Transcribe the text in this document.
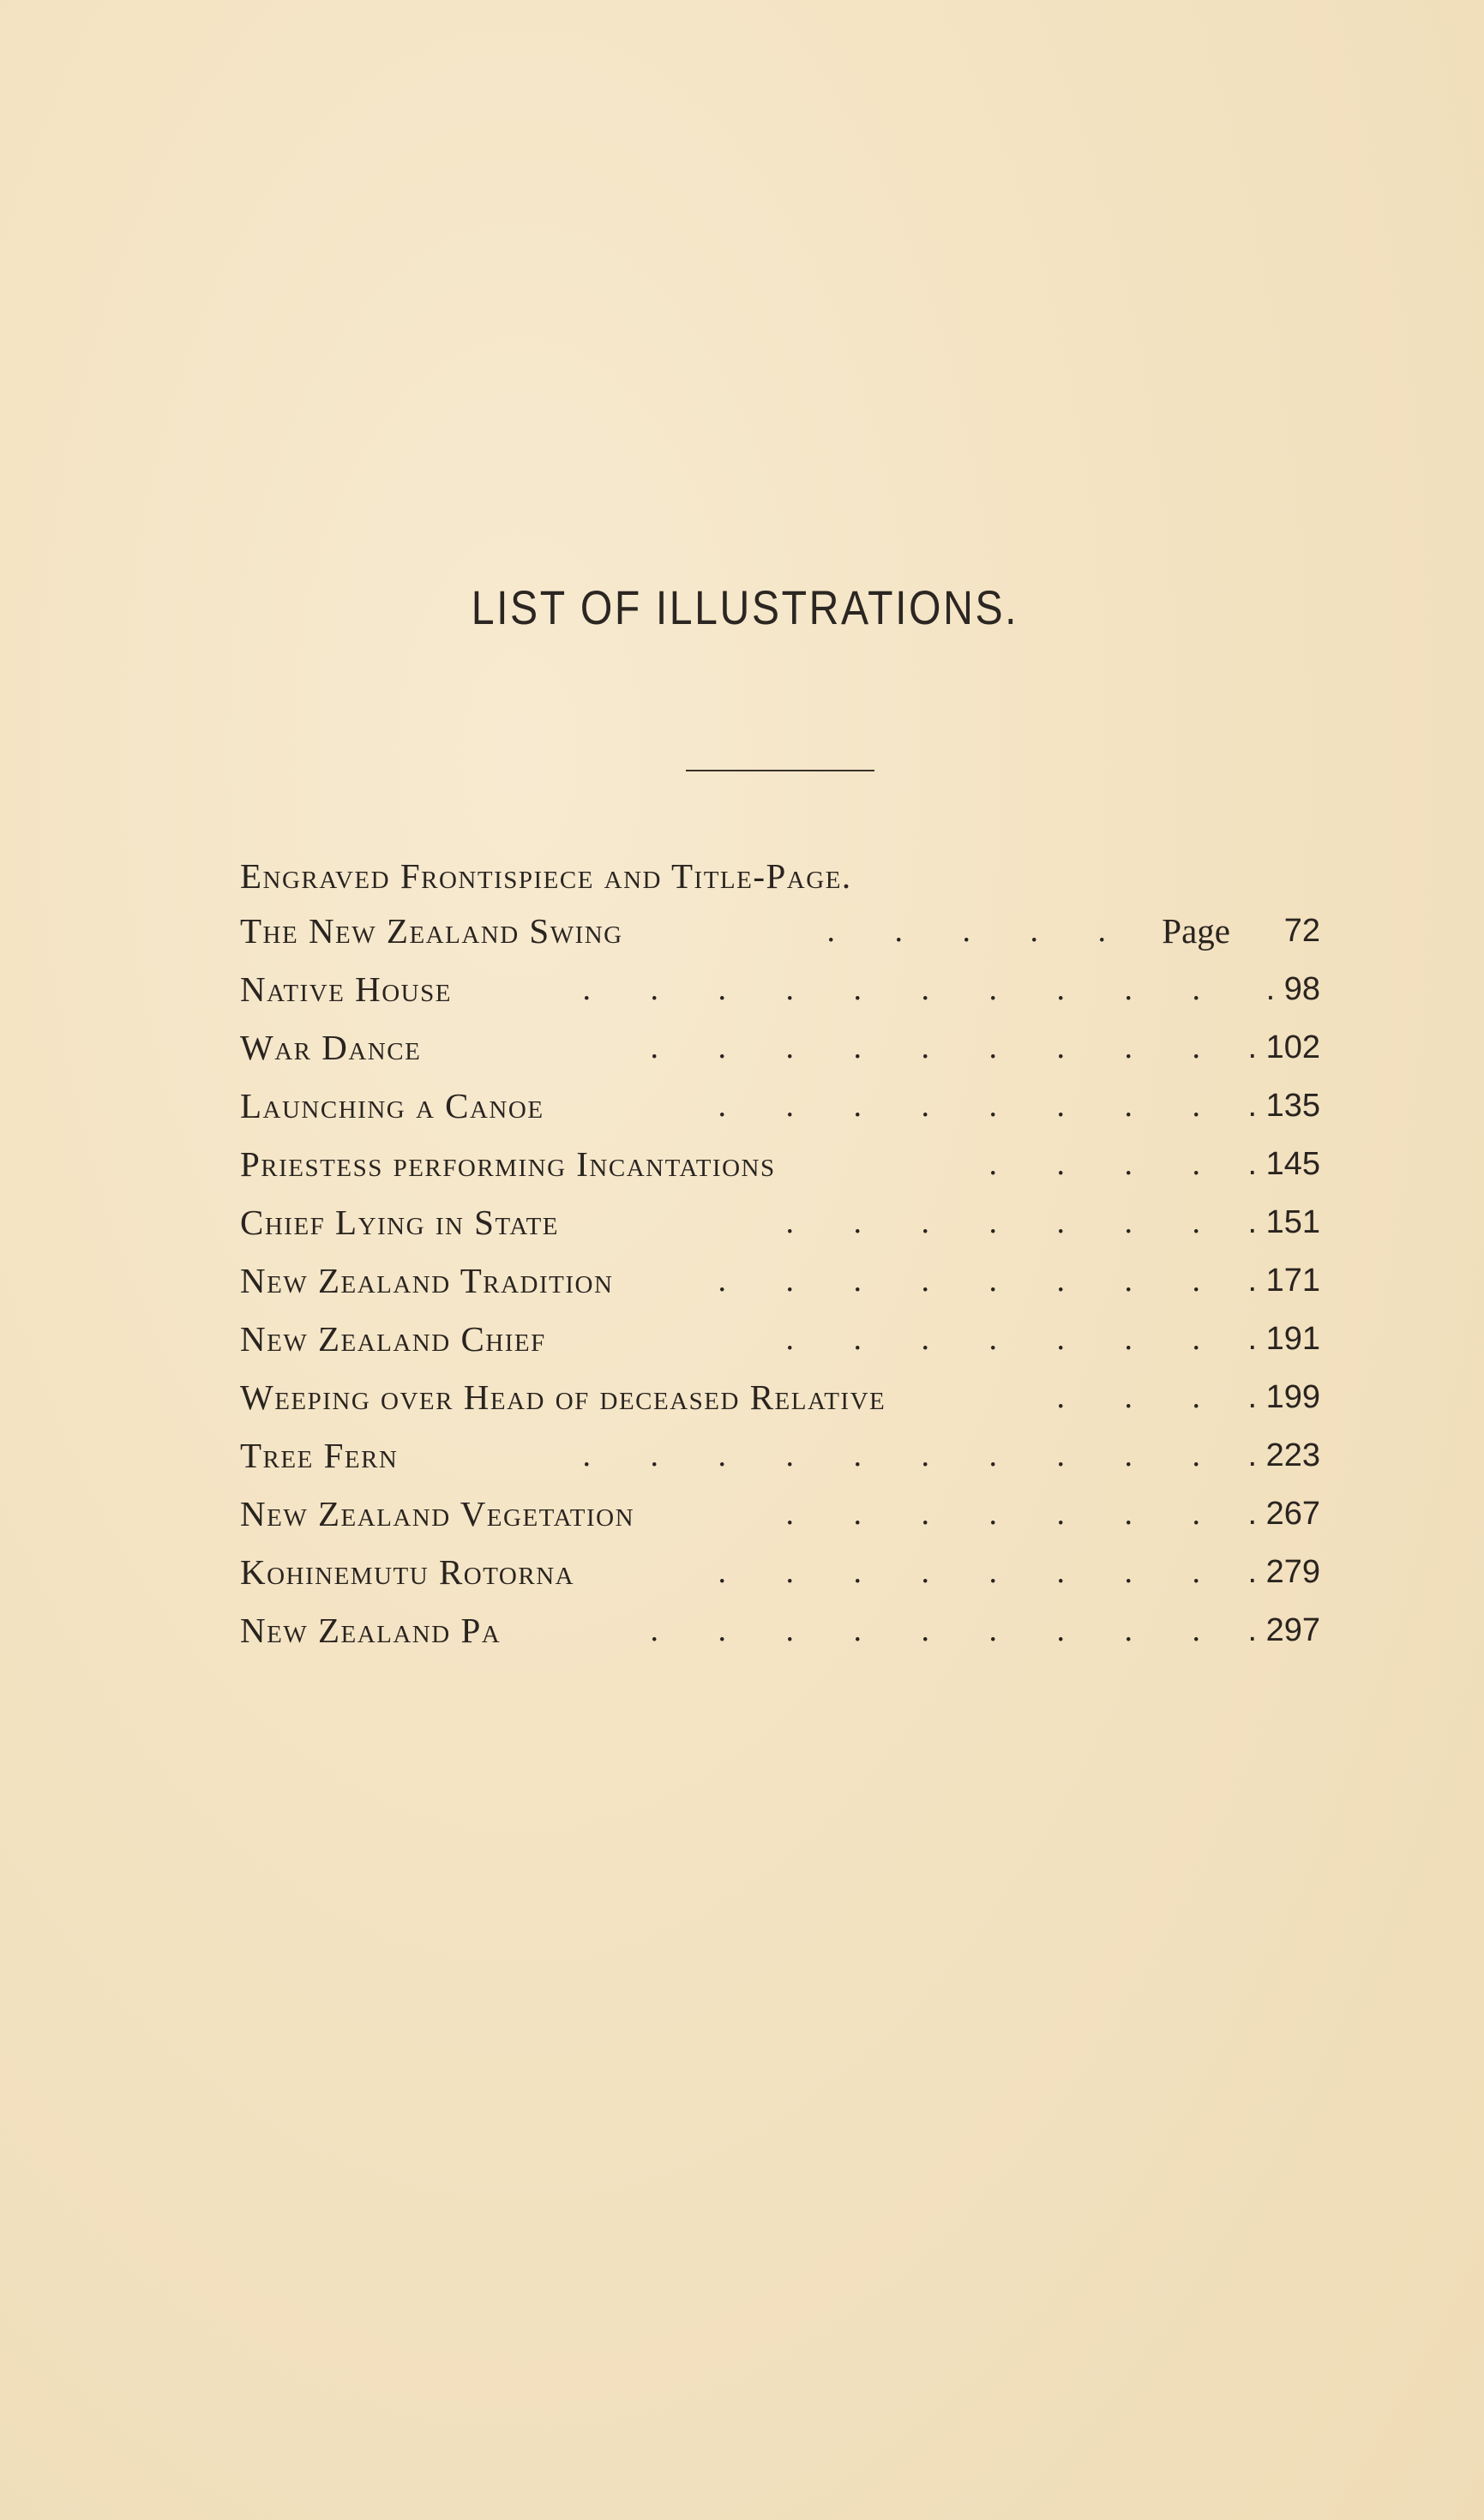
LIST OF ILLUSTRATIONS.
Engraved Frontispiece and Title-Page.
The New Zealand Swing	. . . . . Page	72
Native House	. . . . . . . . . .	. 98
War Dance	. . . . . . . . . . 102
Launching a Canoe	. . . . . . . . . 135
Priestess performing Incantations	. . . . . 145
Chief Lying in State	. . . . . . . . 151
New Zealand Tradition	. . . . . . . . . 171
New Zealand Chief	. . . . . . . . 191
Weeping over Head of deceased Relative	. . . . 199
Tree Fern	. . . . . . . . . . . 223
New Zealand Vegetation	. . . . . . . . 267
Kohinemutu Rotorna	. . . . . . . . . 279
New Zealand Pa	. . . . . . . . . . 297
